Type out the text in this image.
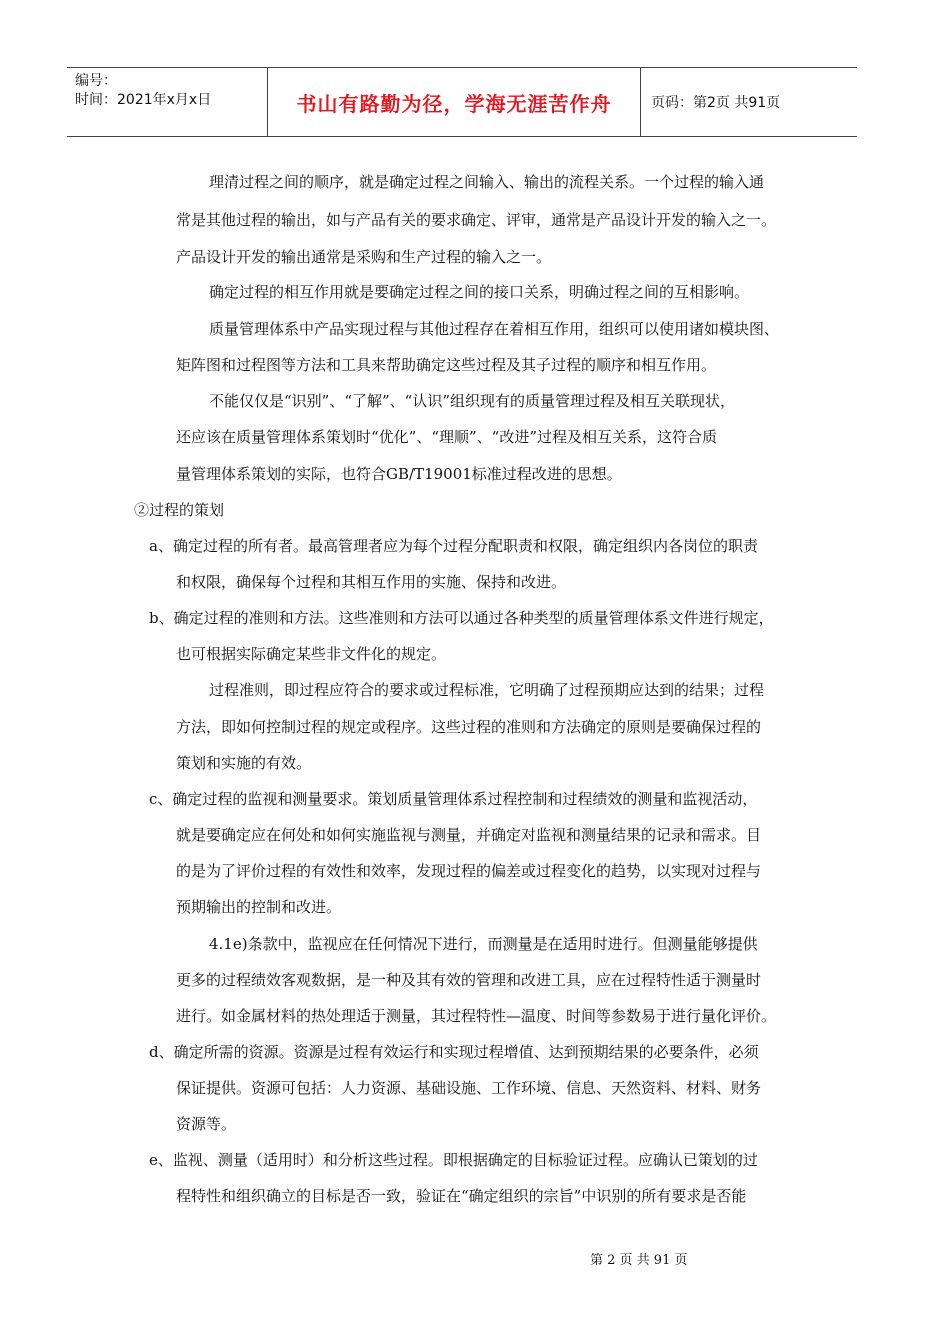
编号：
时间：2021年x月x日	书山有路勤为径，学海无涯苦作舟	页码：第2页 共91页
理清过程之间的顺序，就是确定过程之间输入、输出的流程关系。一个过程的输入通
常是其他过程的输出，如与产品有关的要求确定、评审，通常是产品设计开发的输入之一。
产品设计开发的输出通常是采购和生产过程的输入之一。
确定过程的相互作用就是要确定过程之间的接口关系，明确过程之间的互相影响。
质量管理体系中产品实现过程与其他过程存在着相互作用，组织可以使用诸如模块图、
矩阵图和过程图等方法和工具来帮助确定这些过程及其子过程的顺序和相互作用。
不能仅仅是“识别”、“了解”、“认识”组织现有的质量管理过程及相互关联现状，
还应该在质量管理体系策划时“优化”、“理顺”、“改进”过程及相互关系，这符合质
量管理体系策划的实际，也符合GB/T19001标准过程改进的思想。
②过程的策划
a、确定过程的所有者。最高管理者应为每个过程分配职责和权限，确定组织内各岗位的职责
和权限，确保每个过程和其相互作用的实施、保持和改进。
b、确定过程的准则和方法。这些准则和方法可以通过各种类型的质量管理体系文件进行规定，
也可根据实际确定某些非文件化的规定。
过程准则，即过程应符合的要求或过程标准，它明确了过程预期应达到的结果；过程
方法，即如何控制过程的规定或程序。这些过程的准则和方法确定的原则是要确保过程的
策划和实施的有效。
c、确定过程的监视和测量要求。策划质量管理体系过程控制和过程绩效的测量和监视活动，
就是要确定应在何处和如何实施监视与测量，并确定对监视和测量结果的记录和需求。目
的是为了评价过程的有效性和效率，发现过程的偏差或过程变化的趋势，以实现对过程与
预期输出的控制和改进。
4.1e)条款中，监视应在任何情况下进行，而测量是在适用时进行。但测量能够提供
更多的过程绩效客观数据，是一种及其有效的管理和改进工具，应在过程特性适于测量时
进行。如金属材料的热处理适于测量，其过程特性—温度、时间等参数易于进行量化评价。
d、确定所需的资源。资源是过程有效运行和实现过程增值、达到预期结果的必要条件，必须
保证提供。资源可包括：人力资源、基础设施、工作环境、信息、天然资料、材料、财务
资源等。
e、监视、测量（适用时）和分析这些过程。即根据确定的目标验证过程。应确认已策划的过
程特性和组织确立的目标是否一致，验证在“确定组织的宗旨”中识别的所有要求是否能
第 2 页 共 91 页
